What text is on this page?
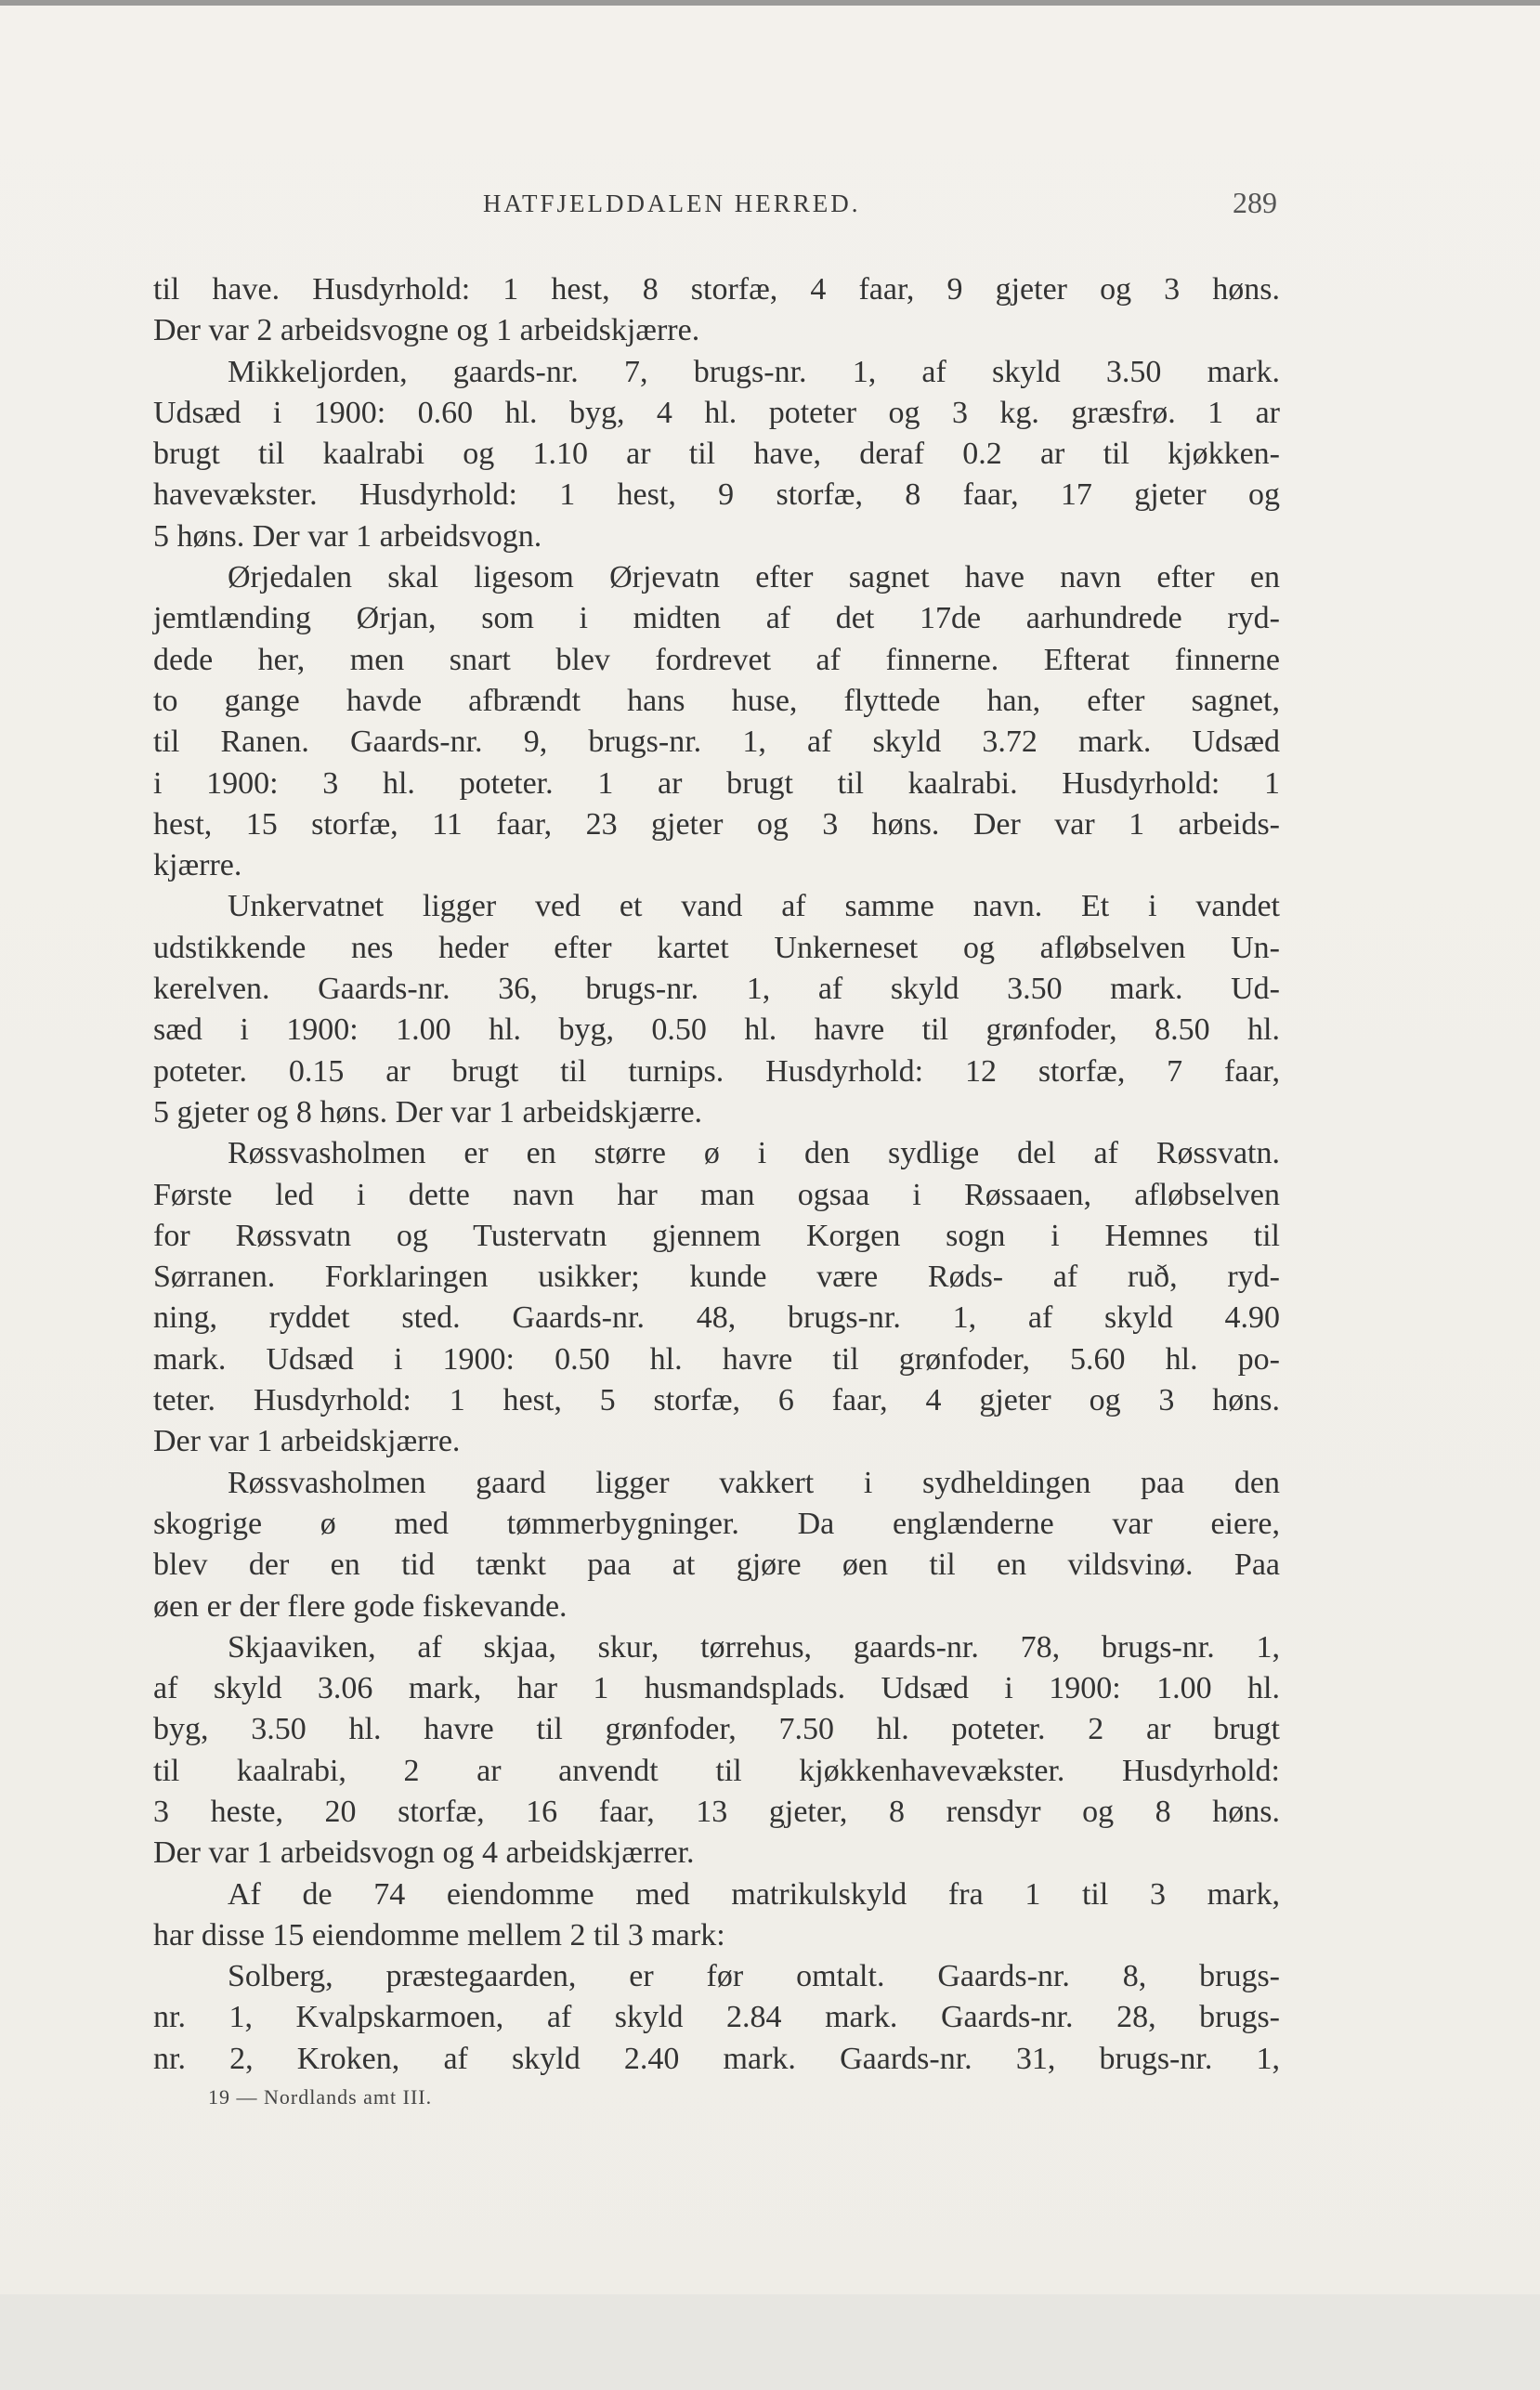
HATFJELDDALEN HERRED.	289
til have. Husdyrhold: 1 hest, 8 storfæ, 4 faar, 9 gjeter og 3 høns.
Der var 2 arbeidsvogne og 1 arbeidskjærre.
Mikkeljorden, gaards-nr. 7, brugs-nr. 1, af skyld 3.50 mark.
Udsæd i 1900: 0.60 hl. byg, 4 hl. poteter og 3 kg. græsfrø. 1 ar
brugt til kaalrabi og 1.10 ar til have, deraf 0.2 ar til kjøkken-
havevækster. Husdyrhold: 1 hest, 9 storfæ, 8 faar, 17 gjeter og
5 høns. Der var 1 arbeidsvogn.
Ørjedalen skal ligesom Ørjevatn efter sagnet have navn efter en
jemtlænding Ørjan, som i midten af det 17de aarhundrede ryd-
dede her, men snart blev fordrevet af finnerne. Efterat finnerne
to gange havde afbrændt hans huse, flyttede han, efter sagnet,
til Ranen. Gaards-nr. 9, brugs-nr. 1, af skyld 3.72 mark. Udsæd
i 1900: 3 hl. poteter. 1 ar brugt til kaalrabi. Husdyrhold: 1
hest, 15 storfæ, 11 faar, 23 gjeter og 3 høns. Der var 1 arbeids-
kjærre.
Unkervatnet ligger ved et vand af samme navn. Et i vandet
udstikkende nes heder efter kartet Unkerneset og afløbselven Un-
kerelven. Gaards-nr. 36, brugs-nr. 1, af skyld 3.50 mark. Ud-
sæd i 1900: 1.00 hl. byg, 0.50 hl. havre til grønfoder, 8.50 hl.
poteter. 0.15 ar brugt til turnips. Husdyrhold: 12 storfæ, 7 faar,
5 gjeter og 8 høns. Der var 1 arbeidskjærre.
Røssvasholmen er en større ø i den sydlige del af Røssvatn.
Første led i dette navn har man ogsaa i Røssaaen, afløbselven
for Røssvatn og Tustervatn gjennem Korgen sogn i Hemnes til
Sørranen. Forklaringen usikker; kunde være Røds- af ruð, ryd-
ning, ryddet sted. Gaards-nr. 48, brugs-nr. 1, af skyld 4.90
mark. Udsæd i 1900: 0.50 hl. havre til grønfoder, 5.60 hl. po-
teter. Husdyrhold: 1 hest, 5 storfæ, 6 faar, 4 gjeter og 3 høns.
Der var 1 arbeidskjærre.
Røssvasholmen gaard ligger vakkert i sydheldingen paa den
skogrige ø med tømmerbygninger. Da englænderne var eiere,
blev der en tid tænkt paa at gjøre øen til en vildsvinø. Paa
øen er der flere gode fiskevande.
Skjaaviken, af skjaa, skur, tørrehus, gaards-nr. 78, brugs-nr. 1,
af skyld 3.06 mark, har 1 husmandsplads. Udsæd i 1900: 1.00 hl.
byg, 3.50 hl. havre til grønfoder, 7.50 hl. poteter. 2 ar brugt
til kaalrabi, 2 ar anvendt til kjøkkenhavevækster. Husdyrhold:
3 heste, 20 storfæ, 16 faar, 13 gjeter, 8 rensdyr og 8 høns.
Der var 1 arbeidsvogn og 4 arbeidskjærrer.
Af de 74 eiendomme med matrikulskyld fra 1 til 3 mark,
har disse 15 eiendomme mellem 2 til 3 mark:
Solberg, præstegaarden, er før omtalt. Gaards-nr. 8, brugs-
nr. 1, Kvalpskarmoen, af skyld 2.84 mark. Gaards-nr. 28, brugs-
nr. 2, Kroken, af skyld 2.40 mark. Gaards-nr. 31, brugs-nr. 1,
19 — Nordlands amt III.
